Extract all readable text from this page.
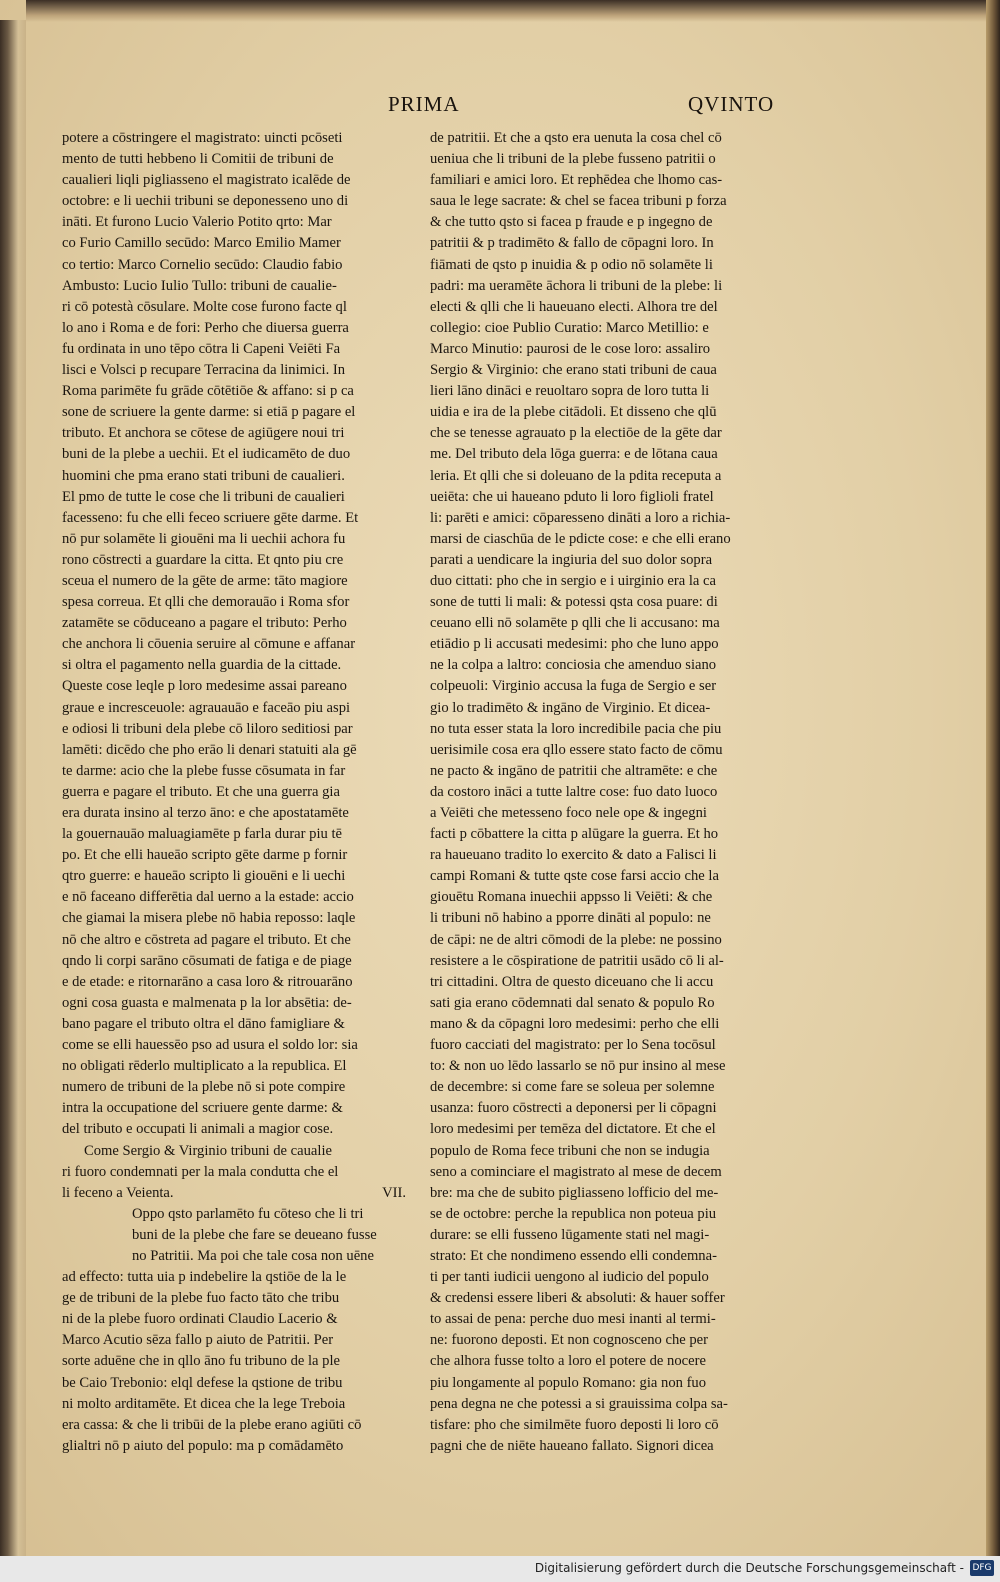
PRIMA	QVINTO
potere a cōstringere el magistrato: uincti pcōseti
mento de tutti hebbeno li Comitii de tribuni de
caualieri liqli pigliasseno el magistrato icalēde de
octobre: e li uechii tribuni se deponesseno uno di
ināti. Et furono Lucio Valerio Potito qrto: Mar
co Furio Camillo secūdo: Marco Emilio Mamer
co tertio: Marco Cornelio secūdo: Claudio fabio
Ambusto: Lucio Iulio Tullo: tribuni de caualie-
ri cō potestà cōsulare. Molte cose furono facte ql
lo ano i Roma e de fori: Perho che diuersa guerra
fu ordinata in uno tēpo cōtra li Capeni Veiēti Fa
lisci e Volsci p recupare Terracina da linimici. In
Roma parimēte fu grāde cōtētiōe & affano: si p ca
sone de scriuere la gente darme: si etiā p pagare el
tributo. Et anchora se cōtese de agiūgere noui tri
buni de la plebe a uechii. Et el iudicamēto de duo
huomini che pma erano stati tribuni de caualieri.
El pmo de tutte le cose che li tribuni de caualieri
facesseno: fu che elli feceo scriuere gēte darme. Et
nō pur solamēte li giouēni ma li uechii achora fu
rono cōstrecti a guardare la citta. Et qnto piu cre
sceua el numero de la gēte de arme: tāto magiore
spesa correua. Et qlli che demorauāo i Roma sfor
zatamēte se cōduceano a pagare el tributo: Perho
che anchora li cōuenia seruire al cōmune e affanar
si oltra el pagamento nella guardia de la cittade.
Queste cose leqle p loro medesime assai pareano
graue e incresceuole: agrauauāo e faceāo piu aspi
e odiosi li tribuni dela plebe cō liloro seditiosi par
lamēti: dicēdo che pho erāo li denari statuiti ala gē
te darme: acio che la plebe fusse cōsumata in far
guerra e pagare el tributo. Et che una guerra gia
era durata insino al terzo āno: e che apostatamēte
la gouernauāo maluagiamēte p farla durar piu tē
po. Et che elli haueāo scripto gēte darme p fornir
qtro guerre: e haueāo scripto li giouēni e li uechi
e nō faceano differētia dal uerno a la estade: accio
che giamai la misera plebe nō habia reposso: laqle
nō che altro e cōstreta ad pagare el tributo. Et che
qndo li corpi sarāno cōsumati de fatiga e de piage
e de etade: e ritornarāno a casa loro & ritrouarāno
ogni cosa guasta e malmenata p la lor absētia: de-
bano pagare el tributo oltra el dāno famigliare &
come se elli hauessēo pso ad usura el soldo lor: sia
no obligati rēderlo multiplicato a la republica. El
numero de tribuni de la plebe nō si pote compire
intra la occupatione del scriuere gente darme: &
del tributo e occupati li animali a magior cose.
Come Sergio & Virginio tribuni de caualie
ri fuoro condemnati per la mala condutta che el
li feceno a Veienta.	VII.
Oppo qsto parlamēto fu cōteso che li tri
buni de la plebe che fare se deueano fusse
no Patritii. Ma poi che tale cosa non uēne
ad effecto: tutta uia p indebelire la qstiōe de la le
ge de tribuni de la plebe fuo facto tāto che tribu
ni de la plebe fuoro ordinati Claudio Lacerio &
Marco Acutio sēza fallo p aiuto de Patritii. Per
sorte aduēne che in qllo āno fu tribuno de la ple
be Caio Trebonio: elql defese la qstione de tribu
ni molto arditamēte. Et dicea che la lege Treboia
era cassa: & che li tribūi de la plebe erano agiūti cō
glialtri nō p aiuto del populo: ma p comādamēto
de patritii. Et che a qsto era uenuta la cosa chel cō
ueniua che li tribuni de la plebe fusseno patritii o
familiari e amici loro. Et rephēdea che lhomo cas-
saua le lege sacrate: & chel se facea tribuni p forza
& che tutto qsto si facea p fraude e p ingegno de
patritii & p tradimēto & fallo de cōpagni loro. In
fiāmati de qsto p inuidia & p odio nō solamēte li
padri: ma ueramēte āchora li tribuni de la plebe: li
electi & qlli che li haueuano electi. Alhora tre del
collegio: cioe Publio Curatio: Marco Metillio: e
Marco Minutio: paurosi de le cose loro: assaliro
Sergio & Virginio: che erano stati tribuni de caua
lieri lāno dināci e reuoltaro sopra de loro tutta li
uidia e ira de la plebe citādoli. Et disseno che qlū
che se tenesse agrauato p la electiōe de la gēte dar
me. Del tributo dela lōga guerra: e de lōtana caua
leria. Et qlli che si doleuano de la pdita receputa a
ueiēta: che ui haueano pduto li loro figlioli fratel
li: parēti e amici: cōparesseno dināti a loro a richia-
marsi de ciaschūa de le pdicte cose: e che elli erano
parati a uendicare la ingiuria del suo dolor sopra
duo cittati: pho che in sergio e i uirginio era la ca
sone de tutti li mali: & potessi qsta cosa puare: di
ceuano elli nō solamēte p qlli che li accusano: ma
etiādio p li accusati medesimi: pho che luno appo
ne la colpa a laltro: conciosia che amenduo siano
colpeuoli: Virginio accusa la fuga de Sergio e ser
gio lo tradimēto & ingāno de Virginio. Et dicea-
no tuta esser stata la loro incredibile pacia che piu
uerisimile cosa era qllo essere stato facto de cōmu
ne pacto & ingāno de patritii che altramēte: e che
da costoro ināci a tutte laltre cose: fuo dato luoco
a Veiēti che metesseno foco nele ope & ingegni
facti p cōbattere la citta p alūgare la guerra. Et ho
ra haueuano tradito lo exercito & dato a Falisci li
campi Romani & tutte qste cose farsi accio che la
giouētu Romana inuechii appsso li Veiēti: & che
li tribuni nō habino a pporre dināti al populo: ne
de cāpi: ne de altri cōmodi de la plebe: ne possino
resistere a le cōspiratione de patritii usādo cō li al-
tri cittadini. Oltra de questo diceuano che li accu
sati gia erano cōdemnati dal senato & populo Ro
mano & da cōpagni loro medesimi: perho che elli
fuoro cacciati del magistrato: per lo Sena tocōsul
to: & non uo lēdo lassarlo se nō pur insino al mese
de decembre: si come fare se soleua per solemne
usanza: fuoro cōstrecti a deponersi per li cōpagni
loro medesimi per temēza del dictatore. Et che el
populo de Roma fece tribuni che non se indugia
seno a cominciare el magistrato al mese de decem
bre: ma che de subito pigliasseno lofficio del me-
se de octobre: perche la republica non poteua piu
durare: se elli fusseno lūgamente stati nel magi-
strato: Et che nondimeno essendo elli condemna-
ti per tanti iudicii uengono al iudicio del populo
& credensi essere liberi & absoluti: & hauer soffer
to assai de pena: perche duo mesi inanti al termi-
ne: fuorono deposti. Et non cognosceno che per
che alhora fusse tolto a loro el potere de nocere
piu longamente al populo Romano: gia non fuo
pena degna ne che potessi a si grauissima colpa sa-
tisfare: pho che similmēte fuoro deposti li loro cō
pagni che de niēte haueano fallato. Signori dicea
Digitalisierung gefördert durch die Deutsche Forschungsgemeinschaft - DFG
